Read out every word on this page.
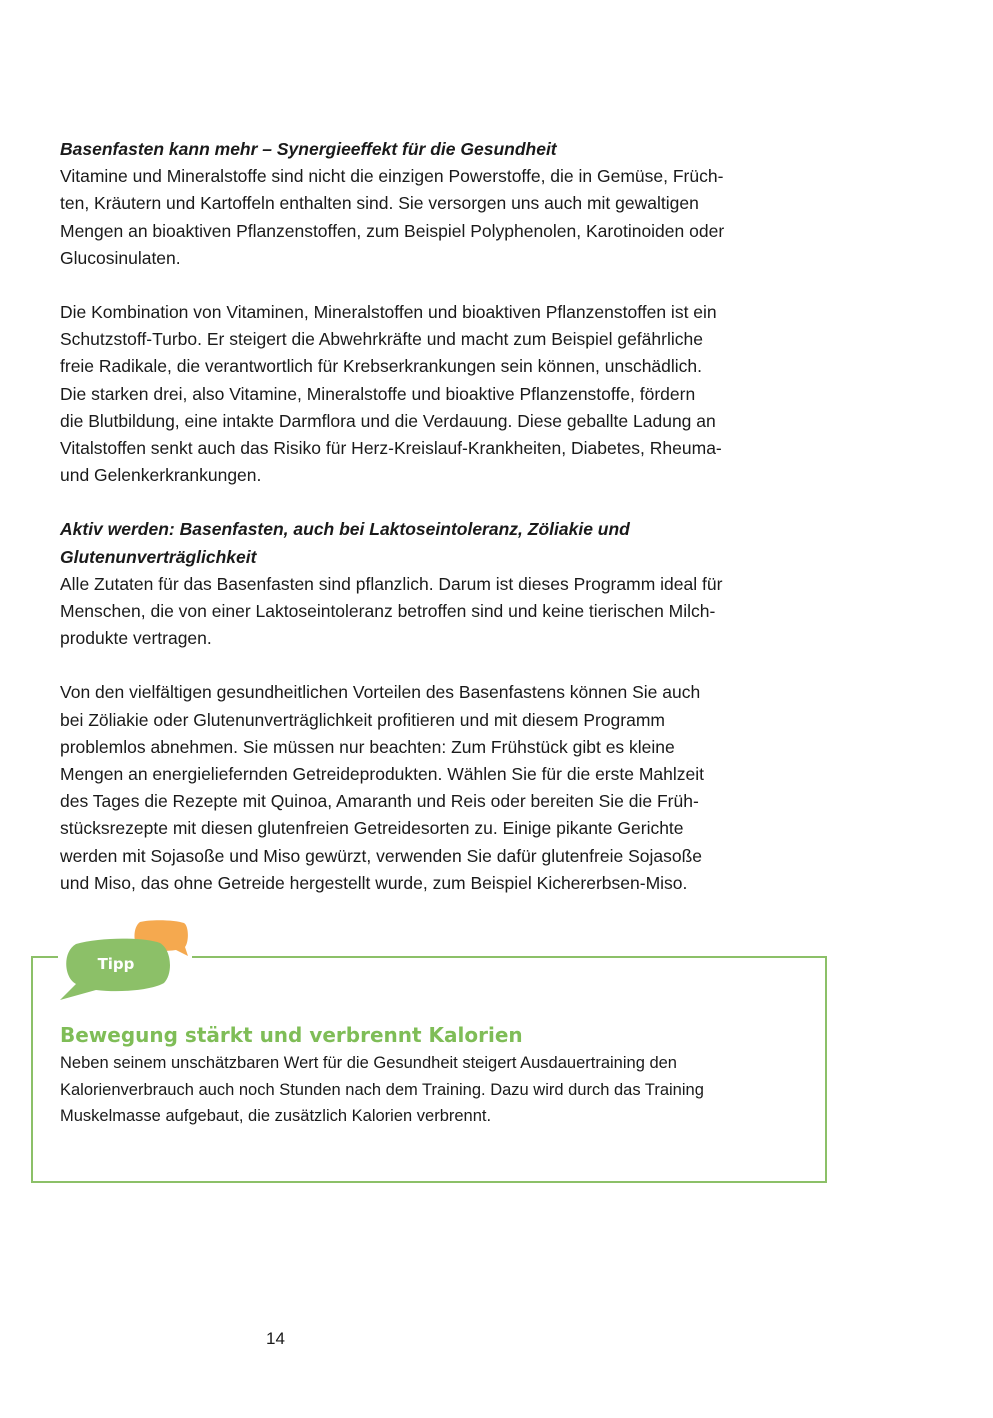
Basenfasten kann mehr – Synergieeffekt für die Gesundheit

Vitamine und Mineralstoffe sind nicht die einzigen Powerstoffe, die in Gemüse, Früch-
ten, Kräutern und Kartoffeln enthalten sind. Sie versorgen uns auch mit gewaltigen
Mengen an bioaktiven Pflanzenstoffen, zum Beispiel Polyphenolen, Karotinoiden oder
Glucosinulaten.

Die Kombination von Vitaminen, Mineralstoffen und bioaktiven Pflanzenstoffen ist ein
Schutzstoff-Turbo. Er steigert die Abwehrkräfte und macht zum Beispiel gefährliche
freie Radikale, die verantwortlich für Krebserkrankungen sein können, unschädlich.
Die starken drei, also Vitamine, Mineralstoffe und bioaktive Pflanzenstoffe, fördern
die Blutbildung, eine intakte Darmflora und die Verdauung. Diese geballte Ladung an
Vitalstoffen senkt auch das Risiko für Herz-Kreislauf-Krankheiten, Diabetes, Rheuma-
und Gelenkerkrankungen.

Aktiv werden: Basenfasten, auch bei Laktoseintoleranz, Zöliakie und
Glutenunverträglichkeit

Alle Zutaten für das Basenfasten sind pflanzlich. Darum ist dieses Programm ideal für
Menschen, die von einer Laktoseintoleranz betroffen sind und keine tierischen Milch-
produkte vertragen.

Von den vielfältigen gesundheitlichen Vorteilen des Basenfastens können Sie auch
bei Zöliakie oder Glutenunverträglichkeit profitieren und mit diesem Programm
problemlos abnehmen. Sie müssen nur beachten: Zum Frühstück gibt es kleine
Mengen an energieliefernden Getreideprodukten. Wählen Sie für die erste Mahlzeit
des Tages die Rezepte mit Quinoa, Amaranth und Reis oder bereiten Sie die Früh-
stücksrezepte mit diesen glutenfreien Getreidesorten zu. Einige pikante Gerichte
werden mit Sojasoße und Miso gewürzt, verwenden Sie dafür glutenfreie Sojasoße
und Miso, das ohne Getreide hergestellt wurde, zum Beispiel Kichererbsen-Miso.

Tipp
Bewegung stärkt und verbrennt Kalorien
Neben seinem unschätzbaren Wert für die Gesundheit steigert Ausdauertraining den
Kalorienverbrauch auch noch Stunden nach dem Training. Dazu wird durch das Training
Muskelmasse aufgebaut, die zusätzlich Kalorien verbrennt.
14
